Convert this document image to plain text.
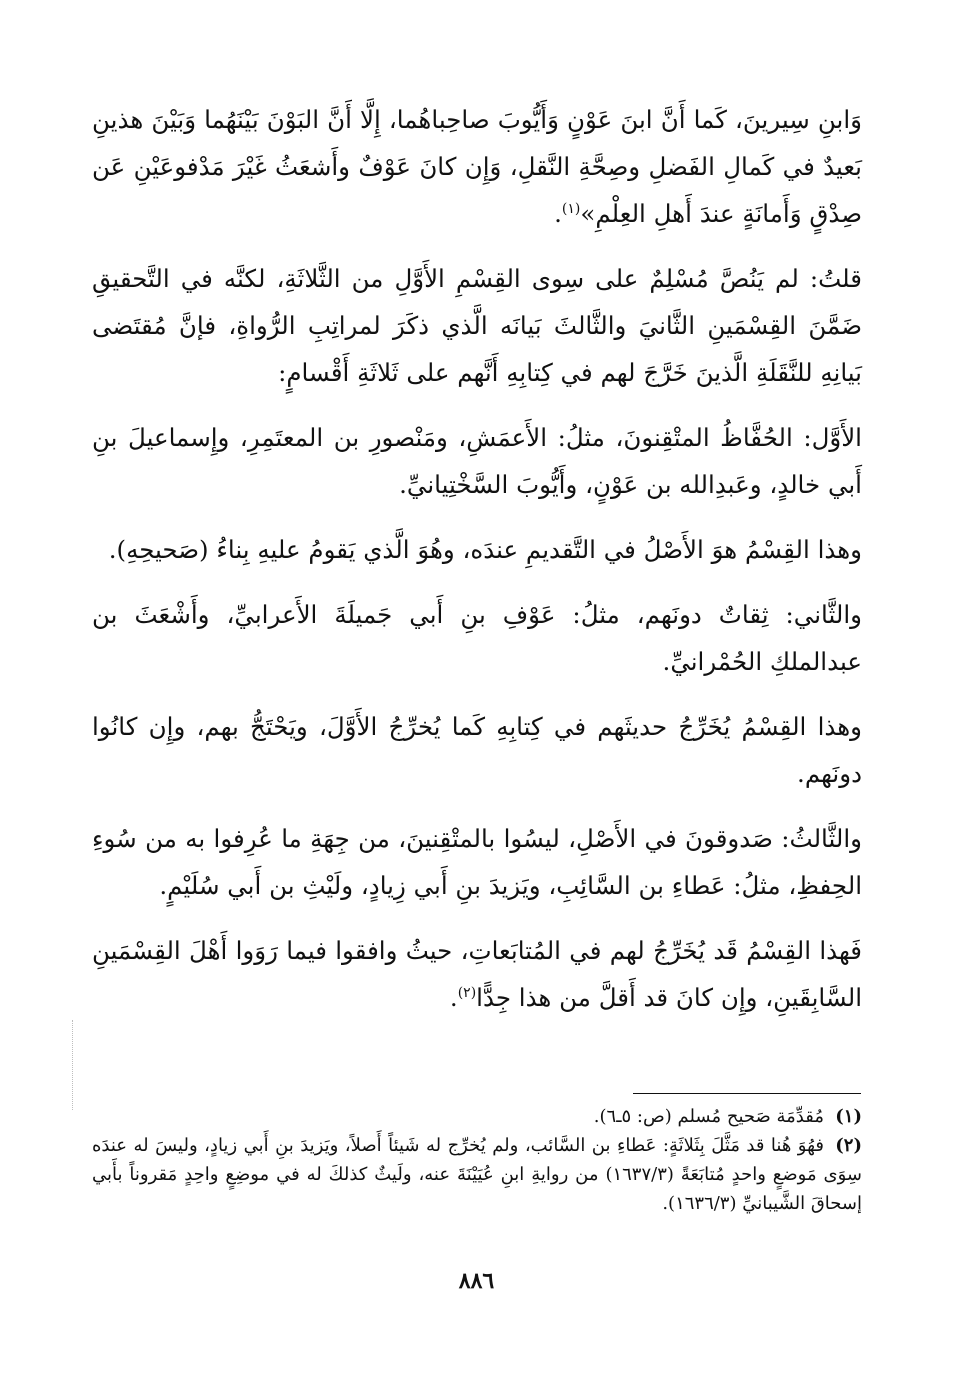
وَابنِ سِيرينَ، كَما أَنَّ ابنَ عَوْنٍ وَأَيُّوبَ صاحِباهُما، إِلَّا أَنَّ البَوْنَ بَيْنَهُما وَبَيْنَ هذينِ بَعيدٌ في كَمالِ الفَضلِ وصِحَّةِ النَّقلِ، وَإِن كانَ عَوْفٌ وأَشعَثُ غَيْرَ مَدْفوعَيْنِ عَن صِدْقٍ وَأَمانَةٍ عندَ أَهلِ العِلْمِ»$^{(١)}$.

قلتُ: لم يَنُصَّ مُسْلِمٌ على سِوى القِسْمِ الأَوَّلِ من الثَّلاثَةِ، لكنَّه في التَّحقيقِ ضَمَّنَ القِسْمَينِ الثَّانيَ والثَّالثَ بَيانَه الَّذي ذكَرَ لمراتِبِ الرُّواةِ، فإنَّ مُقتَضى بَيانِهِ للنَّقَلَةِ الَّذينَ خَرَّجَ لهم في كِتابِهِ أَنَّهم على ثَلاثَةِ أَقْسامٍ:

الأَوَّل: الحُفَّاظُ المتْقِنونَ، مثلُ: الأَعمَشِ، ومَنْصورِ بن المعتَمِرِ، وإِسماعيلَ بنِ أَبي خالدٍ، وعَبدِالله بن عَوْنٍ، وأَيُّوبَ السَّخْتِيانيِّ.

وهذا القِسْمُ هوَ الأَصْلُ في التَّقديمِ عندَه، وهُوَ الَّذي يَقومُ عليهِ بِناءُ (صَحيحِهِ).

والثَّاني: ثِقاتٌ دونَهم، مثلُ: عَوْفِ بنِ أَبي جَميلَةَ الأَعرابيِّ، وأَشْعَثَ بن عبدالملكِ الحُمْرانيِّ.

وهذا القِسْمُ يُخَرِّجُ حديثَهم في كِتابِهِ كَما يُخرِّجُ الأَوَّلَ، ويَحْتَجُّ بهم، وإِن كانُوا دونَهم.

والثَّالثُ: صَدوقونَ في الأَصْلِ، ليسُوا بالمتْقِنينَ، من جِهَةِ ما عُرِفوا به من سُوءِ الحِفظِ، مثلُ: عَطاءِ بن السَّائِبِ، ويَزيدَ بنِ أَبي زِيادٍ، ولَيْثِ بن أَبي سُلَيْمٍ.

فَهذا القِسْمُ قَد يُخَرِّجُ لهم في المُتابَعاتِ، حيثُ وافقوا فيما رَوَوا أَهْلَ القِسْمَينِ السَّابِقَينِ، وإِن كانَ قد أَقلَّ من هذا جِدًّا$^{(٢)}$.

(١)مُقدِّمَة صَحيح مُسلم (ص: ٥ـ٦).

(٢)فهُوَ هُنا قد مَثَّلَ بِثَلاثَةٍ: عَطاءِ بن السَّائب، ولم يُخرِّج له شَيئاً أَصلاً، ويَزيدَ بنِ أَبي زيادٍ، وليسَ له عندَه سِوَى مَوضعٍ واحدٍ مُتابَعَةً (١٦٣٧/٣) من روايةِ ابنِ عُيَيْنَةَ عنه، ولَيثٌ كذلكَ له في موضِعٍ واحِدٍ مَقروناً بأَبي إسحاقَ الشَّيبانيِّ (١٦٣٦/٣).

٨٨٦
